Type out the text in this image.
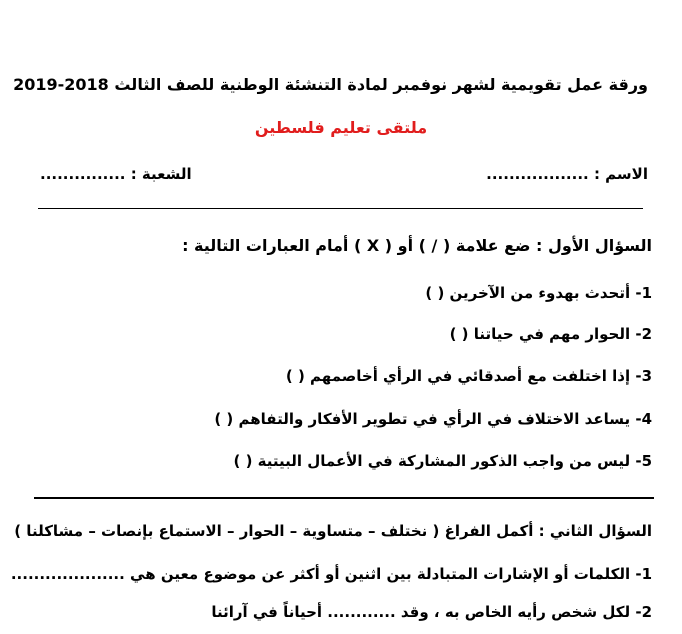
ورقة عمل تقويمية لشهر نوفمبر لمادة التنشئة الوطنية للصف الثالث 2018-2019
ملتقى تعليم فلسطين
الاسم : ..................
الشعبة : ...............
السؤال الأول : ضع علامة ( / ) أو ( X ) أمام العبارات التالية :
1- أتحدث بهدوء من الآخرين ( )
2- الحوار مهم في حياتنا ( )
3- إذا اختلفت مع أصدقائي في الرأي أخاصمهم ( )
4- يساعد الاختلاف في الرأي في تطوير الأفكار والتفاهم ( )
5- ليس من واجب الذكور المشاركة في الأعمال البيتية ( )
السؤال الثاني : أكمل الفراغ ( نختلف – متساوية – الحوار – الاستماع بإنصات – مشاكلنا )
1- الكلمات أو الإشارات المتبادلة بين اثنين أو أكثر عن موضوع معين هي ....................
2- لكل شخص رأيه الخاص به ، وقد ............ أحياناً في آرائنا
